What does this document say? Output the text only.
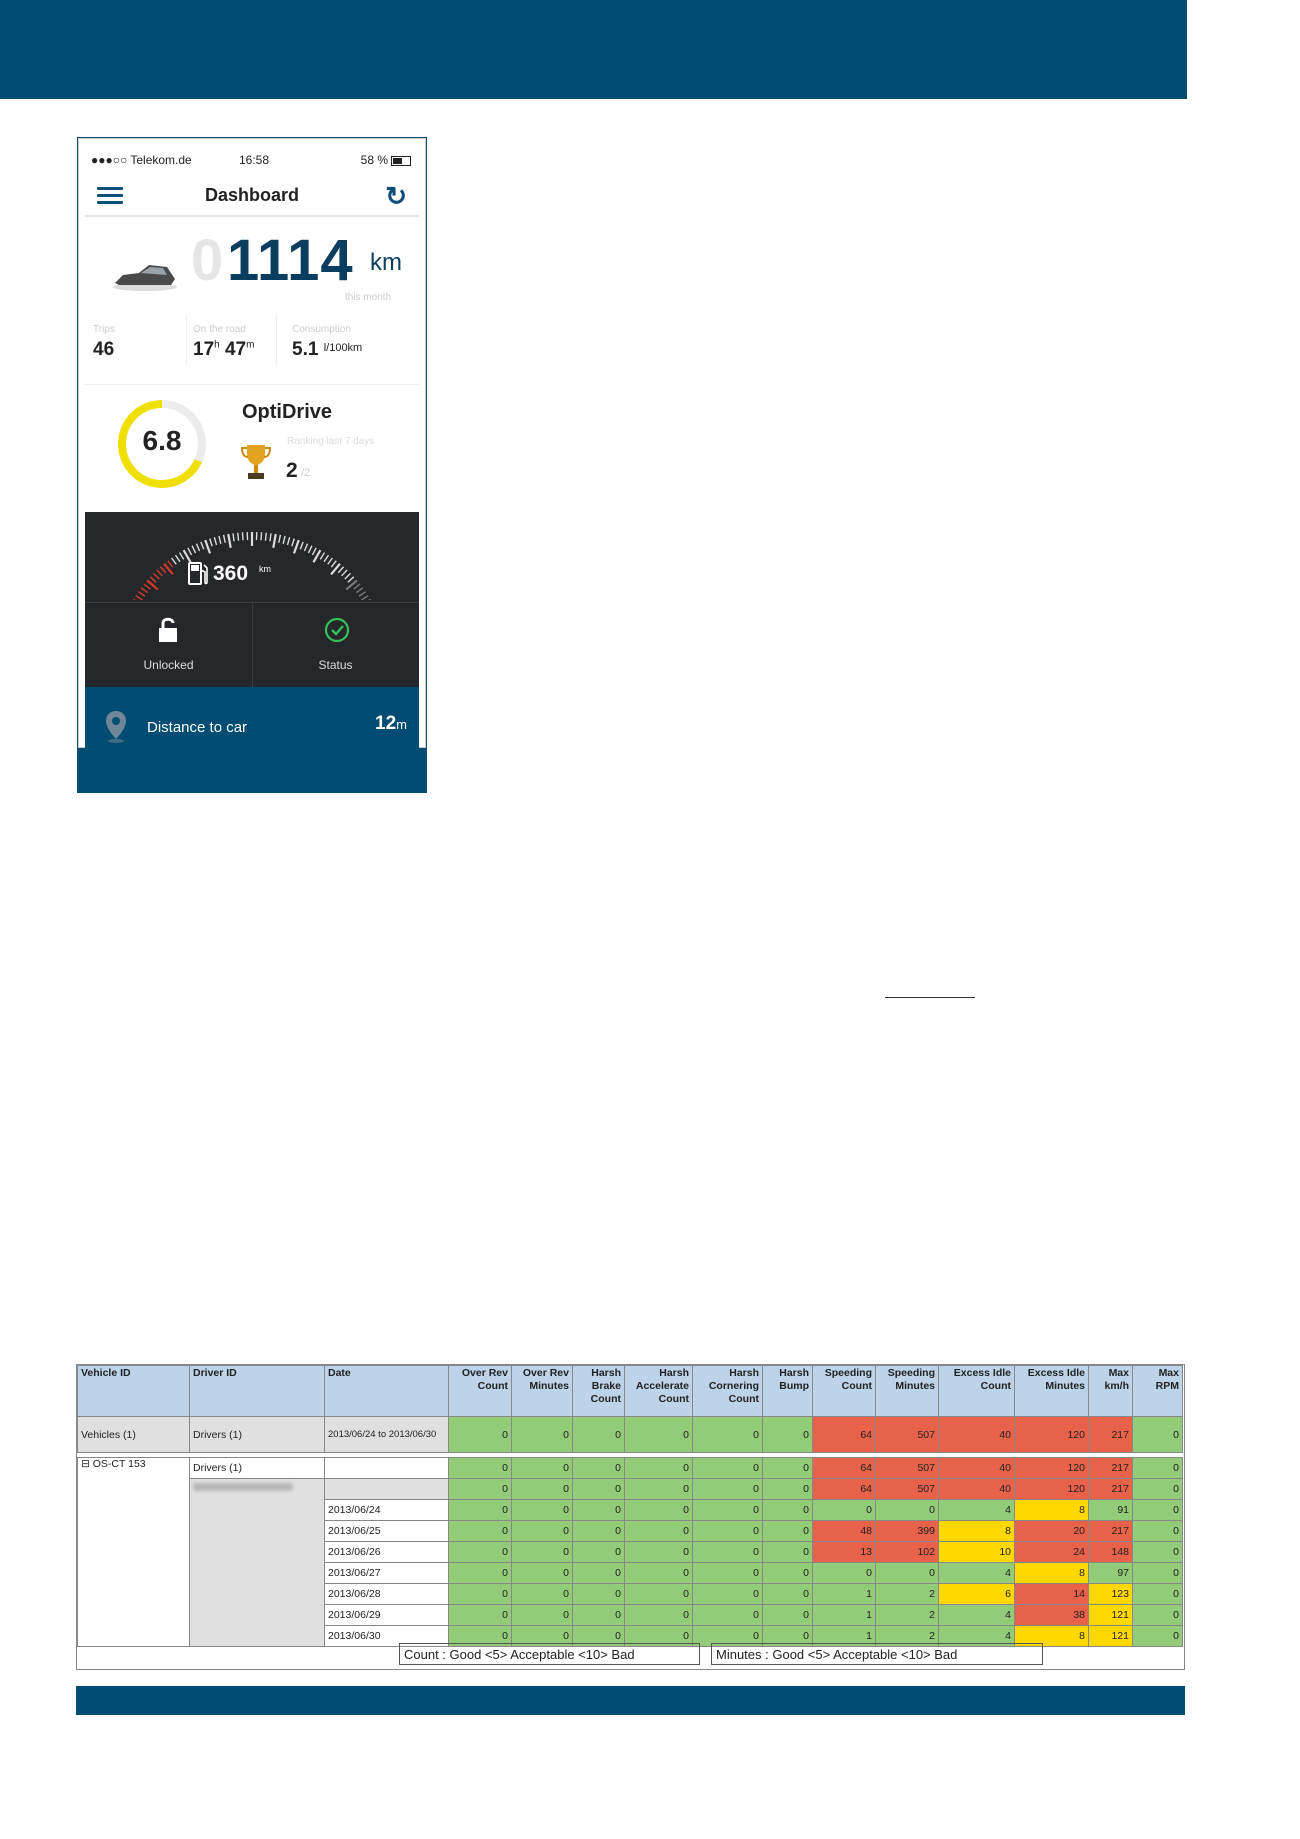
●●●○○ Telekom.de	16:58	58 %
Dashboard	↻
0 1114 km
this month
Trips
46
On the road
17$^h$ 47$^m$
Consumption
5.1 $^{l/100km}$
6.8
OptiDrive
Ranking last 7 days
2 /2
360 km
Unlocked	Status
Distance to car	12m
Vehicle ID	Driver ID	Date	Over Rev Count	Over Rev Minutes	Harsh Brake Count	Harsh Accelerate Count	Harsh Cornering Count	Harsh Bump	Speeding Count	Speeding Minutes	Excess Idle Count	Excess Idle Minutes	Max km/h	Max RPM
Vehicles (1)	Drivers (1)	2013/06/24 to 2013/06/30	0	0	0	0	0	0	64	507	40	120	217	0

⊟ OS-CT 153	Drivers (1)		0	0	0	0	0	0	64	507	40	120	217	0

			0	0	0	0	0	0	64	507	40	120	217	0
		2013/06/24	0	0	0	0	0	0	0	0	4	8	91	0
		2013/06/25	0	0	0	0	0	0	48	399	8	20	217	0
		2013/06/26	0	0	0	0	0	0	13	102	10	24	148	0
		2013/06/27	0	0	0	0	0	0	0	0	4	8	97	0
		2013/06/28	0	0	0	0	0	0	1	2	6	14	123	0
		2013/06/29	0	0	0	0	0	0	1	2	4	38	121	0
		2013/06/30	0	0	0	0	0	0	1	2	4	8	121	0
Count : Good <5> Acceptable <10> Bad	Minutes : Good <5> Acceptable <10> Bad
